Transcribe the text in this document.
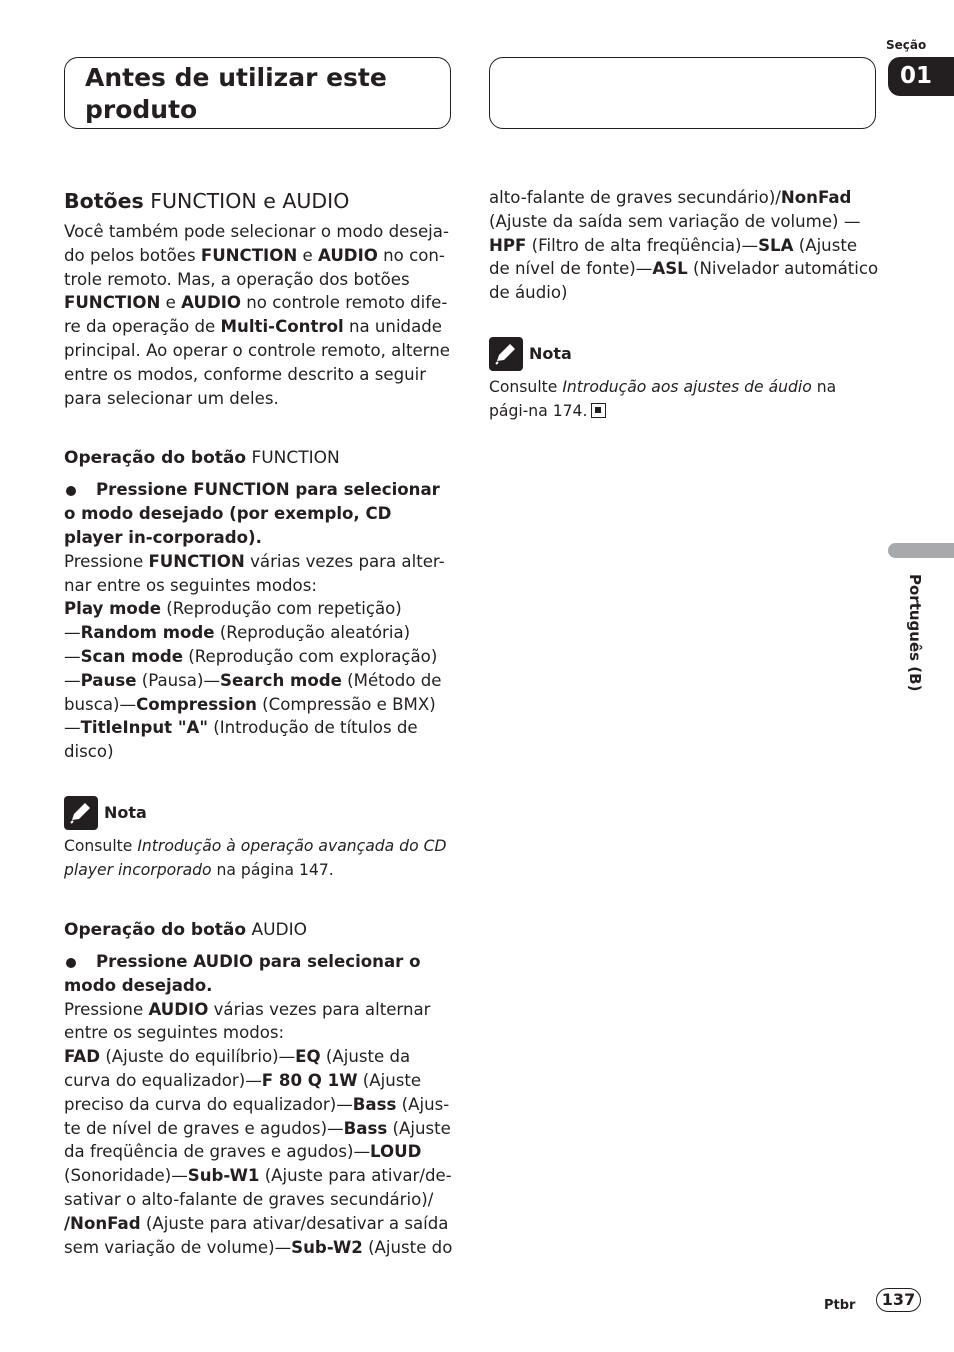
Seção
01
Antes de utilizar este produto
Botões FUNCTION e AUDIO

Você também pode selecionar o modo deseja-do pelos botões FUNCTION e AUDIO no con-trole remoto. Mas, a operação dos botões FUNCTION e AUDIO no controle remoto dife-re da operação de Multi-Control na unidade principal. Ao operar o controle remoto, alterne entre os modos, conforme descrito a seguir para selecionar um deles.

Operação do botão FUNCTION

Pressione FUNCTION para selecionar o modo desejado (por exemplo, CD player in-corporado).

Pressione FUNCTION várias vezes para alter-nar entre os seguintes modos:

Play mode (Reprodução com repetição)
—Random mode (Reprodução aleatória)
—Scan mode (Reprodução com exploração)
—Pause (Pausa)—Search mode (Método de busca)—Compression (Compressão e BMX)
—TitleInput "A" (Introdução de títulos de disco)

Nota

Consulte Introdução à operação avançada do CD player incorporado na página 147.

Operação do botão AUDIO

Pressione AUDIO para selecionar o modo desejado.

Pressione AUDIO várias vezes para alternar entre os seguintes modos:

FAD (Ajuste do equilíbrio)—EQ (Ajuste da curva do equalizador)—F 80 Q 1W (Ajuste preciso da curva do equalizador)—Bass (Ajus-te de nível de graves e agudos)—Bass (Ajuste da freqüência de graves e agudos)—LOUD (Sonoridade)—Sub-W1 (Ajuste para ativar/de-sativar o alto-falante de graves secundário)/
/NonFad (Ajuste para ativar/desativar a saída sem variação de volume)—Sub-W2 (Ajuste do

alto-falante de graves secundário)/NonFad (Ajuste da saída sem variação de volume) —HPF (Filtro de alta freqüência)—SLA (Ajuste de nível de fonte)—ASL (Nivelador automático de áudio)

Nota

Consulte Introdução aos ajustes de áudio na pági-na 174.

Português (B)
Ptbr	137
